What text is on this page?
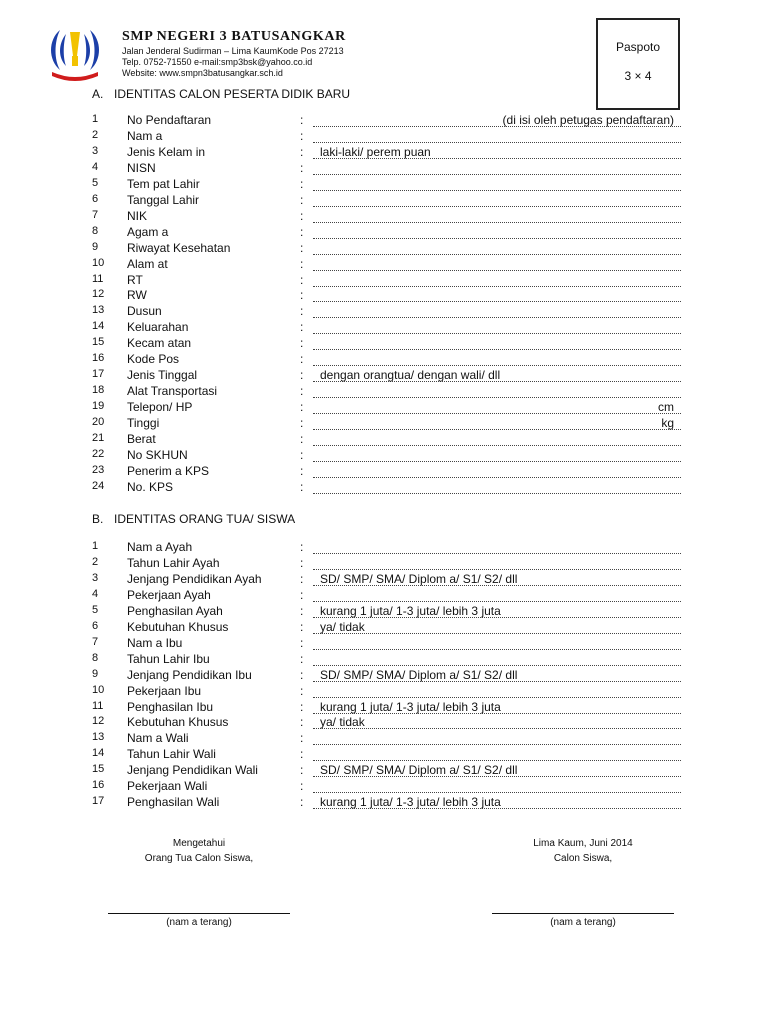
SMP NEGERI 3 BATUSANGKAR
Jalan Jenderal Sudirman – Lima KaumKode Pos 27213
Telp. 0752-71550 e-mail:smp3bsk@yahoo.co.id
Website: www.smpn3batusangkar.sch.id
Paspoto
3 × 4
A. IDENTITAS CALON PESERTA DIDIK BARU
1 No Pendaftaran	:	(di isi oleh petugas pendaftaran)
2 Nam a	:
3 Jenis Kelam in	: laki-laki/ perem puan
4 NISN	:
5 Tem pat Lahir	:
6 Tanggal Lahir	:
7 NIK	:
8 Agam a	:
9 Riwayat Kesehatan	:
10 Alam at	:
11 RT	:
12 RW	:
13 Dusun	:
14 Keluarahan	:
15 Kecam atan	:
16 Kode Pos	:
17 Jenis Tinggal	: dengan orangtua/ dengan wali/ dll
18 Alat Transportasi	:
19 Telepon/ HP	:	cm
20 Tinggi	:	kg
21 Berat	:
22 No SKHUN	:
23 Penerim a KPS	:
24 No. KPS	:
B. IDENTITAS ORANG TUA/ SISWA
1 Nam a Ayah	:
2 Tahun Lahir Ayah	:
3 Jenjang Pendidikan Ayah	: SD/ SMP/ SMA/ Diplom a/ S1/ S2/ dll
4 Pekerjaan Ayah	:
5 Penghasilan Ayah	: kurang 1 juta/ 1-3 juta/ lebih 3 juta
6 Kebutuhan Khusus	: ya/ tidak
7 Nam a Ibu	:
8 Tahun Lahir Ibu	:
9 Jenjang Pendidikan Ibu	: SD/ SMP/ SMA/ Diplom a/ S1/ S2/ dll
10 Pekerjaan Ibu	:
11 Penghasilan Ibu	: kurang 1 juta/ 1-3 juta/ lebih 3 juta
12 Kebutuhan Khusus	: ya/ tidak
13 Nam a Wali	:
14 Tahun Lahir Wali	:
15 Jenjang Pendidikan Wali	: SD/ SMP/ SMA/ Diplom a/ S1/ S2/ dll
16 Pekerjaan Wali	:
17 Penghasilan Wali	: kurang 1 juta/ 1-3 juta/ lebih 3 juta
Mengetahui
Orang Tua Calon Siswa,
(nam a terang)
Lima Kaum, Juni 2014
Calon Siswa,
(nam a terang)
